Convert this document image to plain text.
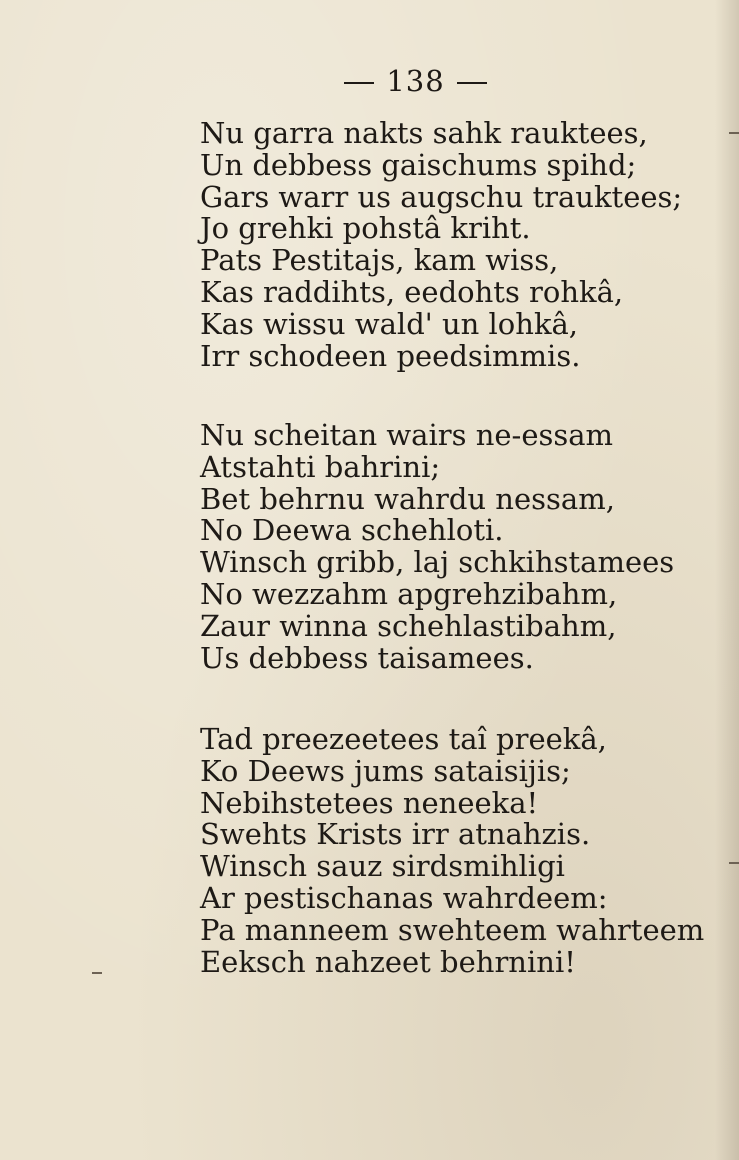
138
Nu garra nakts sahk rauktees,
Un debbess gaischums spihd;
Gars warr us augschu trauktees;
Jo grehki pohstâ kriht.
Pats Pestitajs, kam wiss,
Kas raddihts, eedohts rohkâ,
Kas wissu wald' un lohkâ,
Irr schodeen peedsimmis.
Nu scheitan wairs ne-essam
Atstahti bahrini;
Bet behrnu wahrdu nessam,
No Deewa schehloti.
Winsch gribb, laj schkihstamees
No wezzahm apgrehzibahm,
Zaur winna schehlastibahm,
Us debbess taisamees.
Tad preezeetees taî preekâ,
Ko Deews jums sataisijis;
Nebihstetees neneeka!
Swehts Krists irr atnahzis.
Winsch sauz sirdsmihligi
Ar pestischanas wahrdeem:
Pa manneem swehteem wahrteem
Eeksch nahzeet behrnini!
